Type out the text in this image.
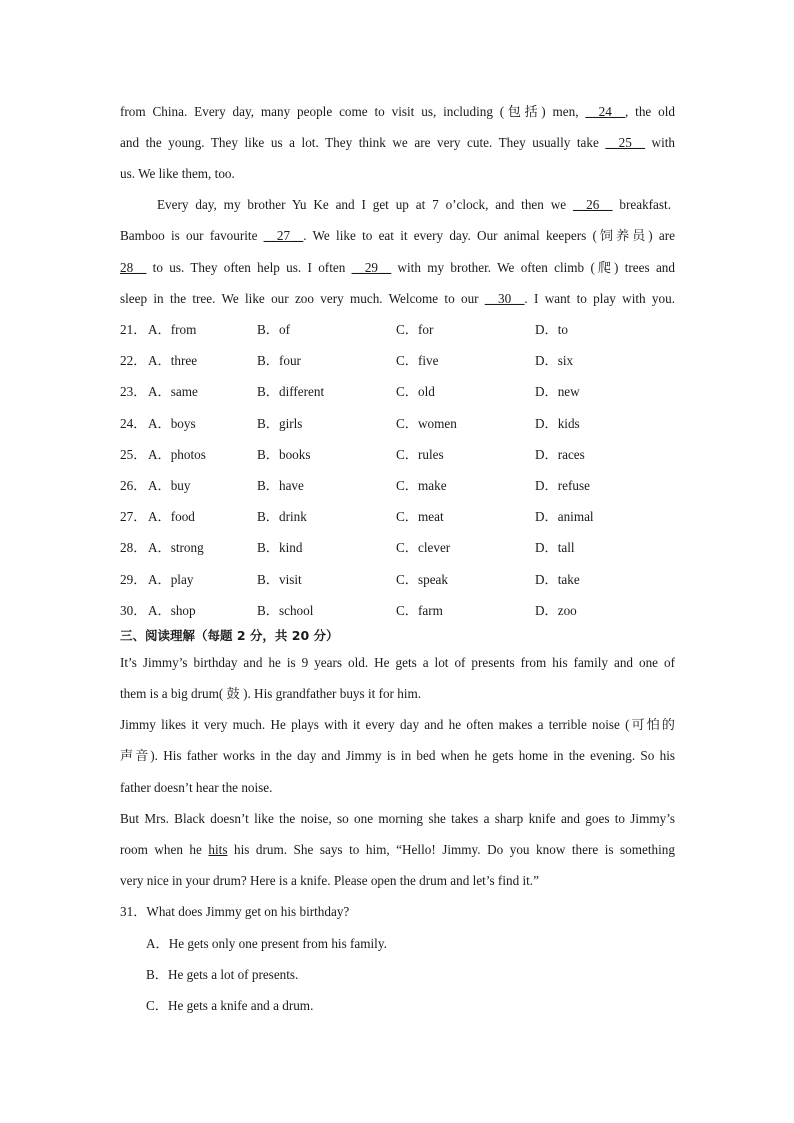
from China. Every day, many people come to visit us, including (包括) men, __24__, the old
and the young. They like us a lot. They think we are very cute. They usually take __25__ with
us. We like them, too.
Every day, my brother Yu Ke and I get up at 7 o’clock, and then we __26__ breakfast.
Bamboo is our favourite __27__. We like to eat it every day. Our animal keepers (饲养员) are
28__ to us. They often help us. I often __29__ with my brother. We often climb (爬) trees and
sleep in the tree. We like our zoo very much. Welcome to our __30__. I want to play with you.
21． A．from	B．of	C．for	D．to
22． A．three	B．four	C．five	D．six
23． A．same	B．different	C．old	D．new
24． A．boys	B．girls	C．women	D．kids
25． A．photos	B．books	C．rules	D．races
26． A．buy	B．have	C．make	D．refuse
27． A．food	B．drink	C．meat	D．animal
28． A．strong	B．kind	C．clever	D．tall
29． A．play	B．visit	C．speak	D．take
30． A．shop	B．school	C．farm	D．zoo
三、阅读理解（每题 2 分，共 20 分）
It’s Jimmy’s birthday and he is 9 years old. He gets a lot of presents from his family and one of
them is a big drum( 鼓 ). His grandfather buys it for him.
Jimmy likes it very much. He plays with it every day and he often makes a terrible noise (可怕的
声音). His father works in the day and Jimmy is in bed when he gets home in the evening. So his
father doesn’t hear the noise.
But Mrs. Black doesn’t like the noise, so one morning she takes a sharp knife and goes to Jimmy’s
room when he hits his drum. She says to him, “Hello! Jimmy. Do you know there is something
very nice in your drum? Here is a knife. Please open the drum and let’s find it.”
31．What does Jimmy get on his birthday?
A．He gets only one present from his family.
B．He gets a lot of presents.
C．He gets a knife and a drum.
